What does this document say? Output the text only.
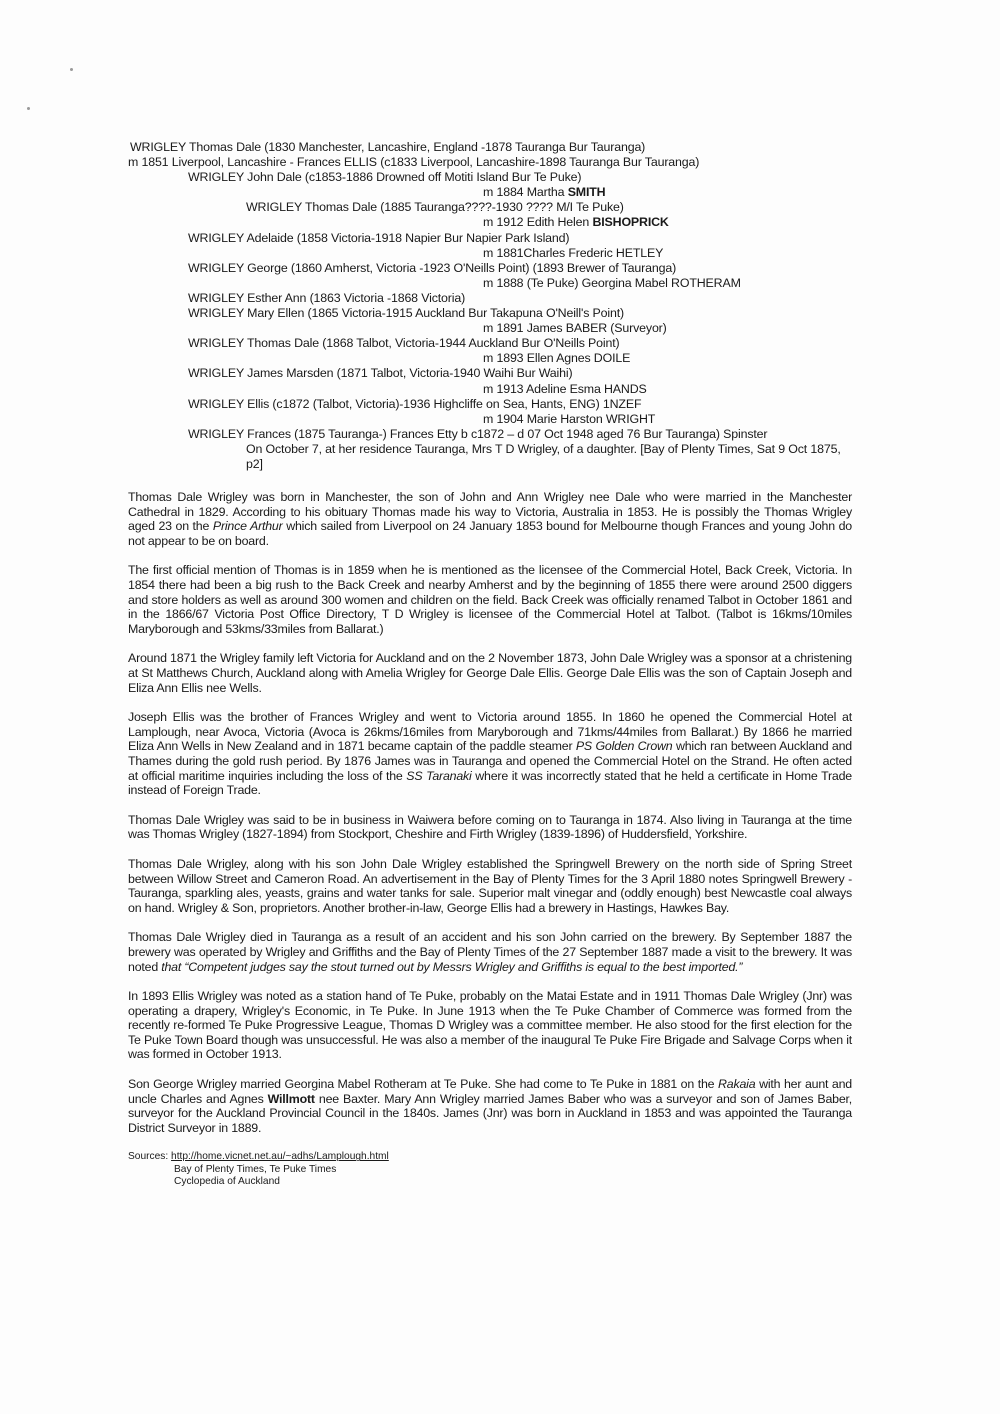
WRIGLEY Thomas Dale (1830 Manchester, Lancashire, England -1878 Tauranga Bur Tauranga)
m 1851 Liverpool, Lancashire - Frances ELLIS (c1833 Liverpool, Lancashire-1898 Tauranga Bur Tauranga)
WRIGLEY John Dale (c1853-1886 Drowned off Motiti Island Bur Te Puke)
m 1884 Martha SMITH
WRIGLEY Thomas Dale (1885 Tauranga????-1930 ???? M/I Te Puke)
m 1912 Edith Helen BISHOPRICK
WRIGLEY Adelaide (1858 Victoria-1918 Napier Bur Napier Park Island)
m 1881Charles Frederic HETLEY
WRIGLEY George (1860 Amherst, Victoria -1923 O'Neills Point) (1893 Brewer of Tauranga)
m 1888 (Te Puke) Georgina Mabel ROTHERAM
WRIGLEY Esther Ann (1863 Victoria -1868 Victoria)
WRIGLEY Mary Ellen (1865 Victoria-1915 Auckland Bur Takapuna O'Neill's Point)
m 1891 James BABER (Surveyor)
WRIGLEY Thomas Dale (1868 Talbot, Victoria-1944 Auckland Bur O'Neills Point)
m 1893 Ellen Agnes DOILE
WRIGLEY James Marsden (1871 Talbot, Victoria-1940 Waihi Bur Waihi)
m 1913 Adeline Esma HANDS
WRIGLEY Ellis (c1872 (Talbot, Victoria)-1936 Highcliffe on Sea, Hants, ENG) 1NZEF
m 1904 Marie Harston WRIGHT
WRIGLEY Frances (1875 Tauranga-) Frances Etty b c1872 – d 07 Oct 1948 aged 76 Bur Tauranga) Spinster
On October 7, at her residence Tauranga, Mrs T D Wrigley, of a daughter. [Bay of Plenty Times, Sat 9 Oct 1875, p2]

Thomas Dale Wrigley was born in Manchester, the son of John and Ann Wrigley nee Dale who were married in the Manchester Cathedral in 1829. According to his obituary Thomas made his way to Victoria, Australia in 1853. He is possibly the Thomas Wrigley aged 23 on the Prince Arthur which sailed from Liverpool on 24 January 1853 bound for Melbourne though Frances and young John do not appear to be on board.

The first official mention of Thomas is in 1859 when he is mentioned as the licensee of the Commercial Hotel, Back Creek, Victoria. In 1854 there had been a big rush to the Back Creek and nearby Amherst and by the beginning of 1855 there were around 2500 diggers and store holders as well as around 300 women and children on the field. Back Creek was officially renamed Talbot in October 1861 and in the 1866/67 Victoria Post Office Directory, T D Wrigley is licensee of the Commercial Hotel at Talbot. (Talbot is 16kms/10miles Maryborough and 53kms/33miles from Ballarat.)

Around 1871 the Wrigley family left Victoria for Auckland and on the 2 November 1873, John Dale Wrigley was a sponsor at a christening at St Matthews Church, Auckland along with Amelia Wrigley for George Dale Ellis. George Dale Ellis was the son of Captain Joseph and Eliza Ann Ellis nee Wells.

Joseph Ellis was the brother of Frances Wrigley and went to Victoria around 1855. In 1860 he opened the Commercial Hotel at Lamplough, near Avoca, Victoria (Avoca is 26kms/16miles from Maryborough and 71kms/44miles from Ballarat.) By 1866 he married Eliza Ann Wells in New Zealand and in 1871 became captain of the paddle steamer PS Golden Crown which ran between Auckland and Thames during the gold rush period. By 1876 James was in Tauranga and opened the Commercial Hotel on the Strand. He often acted at official maritime inquiries including the loss of the SS Taranaki where it was incorrectly stated that he held a certificate in Home Trade instead of Foreign Trade.

Thomas Dale Wrigley was said to be in business in Waiwera before coming on to Tauranga in 1874. Also living in Tauranga at the time was Thomas Wrigley (1827-1894) from Stockport, Cheshire and Firth Wrigley (1839-1896) of Huddersfield, Yorkshire.

Thomas Dale Wrigley, along with his son John Dale Wrigley established the Springwell Brewery on the north side of Spring Street between Willow Street and Cameron Road. An advertisement in the Bay of Plenty Times for the 3 April 1880 notes Springwell Brewery - Tauranga, sparkling ales, yeasts, grains and water tanks for sale. Superior malt vinegar and (oddly enough) best Newcastle coal always on hand. Wrigley & Son, proprietors. Another brother-in-law, George Ellis had a brewery in Hastings, Hawkes Bay.

Thomas Dale Wrigley died in Tauranga as a result of an accident and his son John carried on the brewery. By September 1887 the brewery was operated by Wrigley and Griffiths and the Bay of Plenty Times of the 27 September 1887 made a visit to the brewery. It was noted that “Competent judges say the stout turned out by Messrs Wrigley and Griffiths is equal to the best imported.”

In 1893 Ellis Wrigley was noted as a station hand of Te Puke, probably on the Matai Estate and in 1911 Thomas Dale Wrigley (Jnr) was operating a drapery, Wrigley's Economic, in Te Puke. In June 1913 when the Te Puke Chamber of Commerce was formed from the recently re-formed Te Puke Progressive League, Thomas D Wrigley was a committee member. He also stood for the first election for the Te Puke Town Board though was unsuccessful. He was also a member of the inaugural Te Puke Fire Brigade and Salvage Corps when it was formed in October 1913.

Son George Wrigley married Georgina Mabel Rotheram at Te Puke. She had come to Te Puke in 1881 on the Rakaia with her aunt and uncle Charles and Agnes Willmott nee Baxter. Mary Ann Wrigley married James Baber who was a surveyor and son of James Baber, surveyor for the Auckland Provincial Council in the 1840s. James (Jnr) was born in Auckland in 1853 and was appointed the Tauranga District Surveyor in 1889.

Sources: http://home.vicnet.net.au/~adhs/Lamplough.html
Bay of Plenty Times, Te Puke Times
Cyclopedia of Auckland
